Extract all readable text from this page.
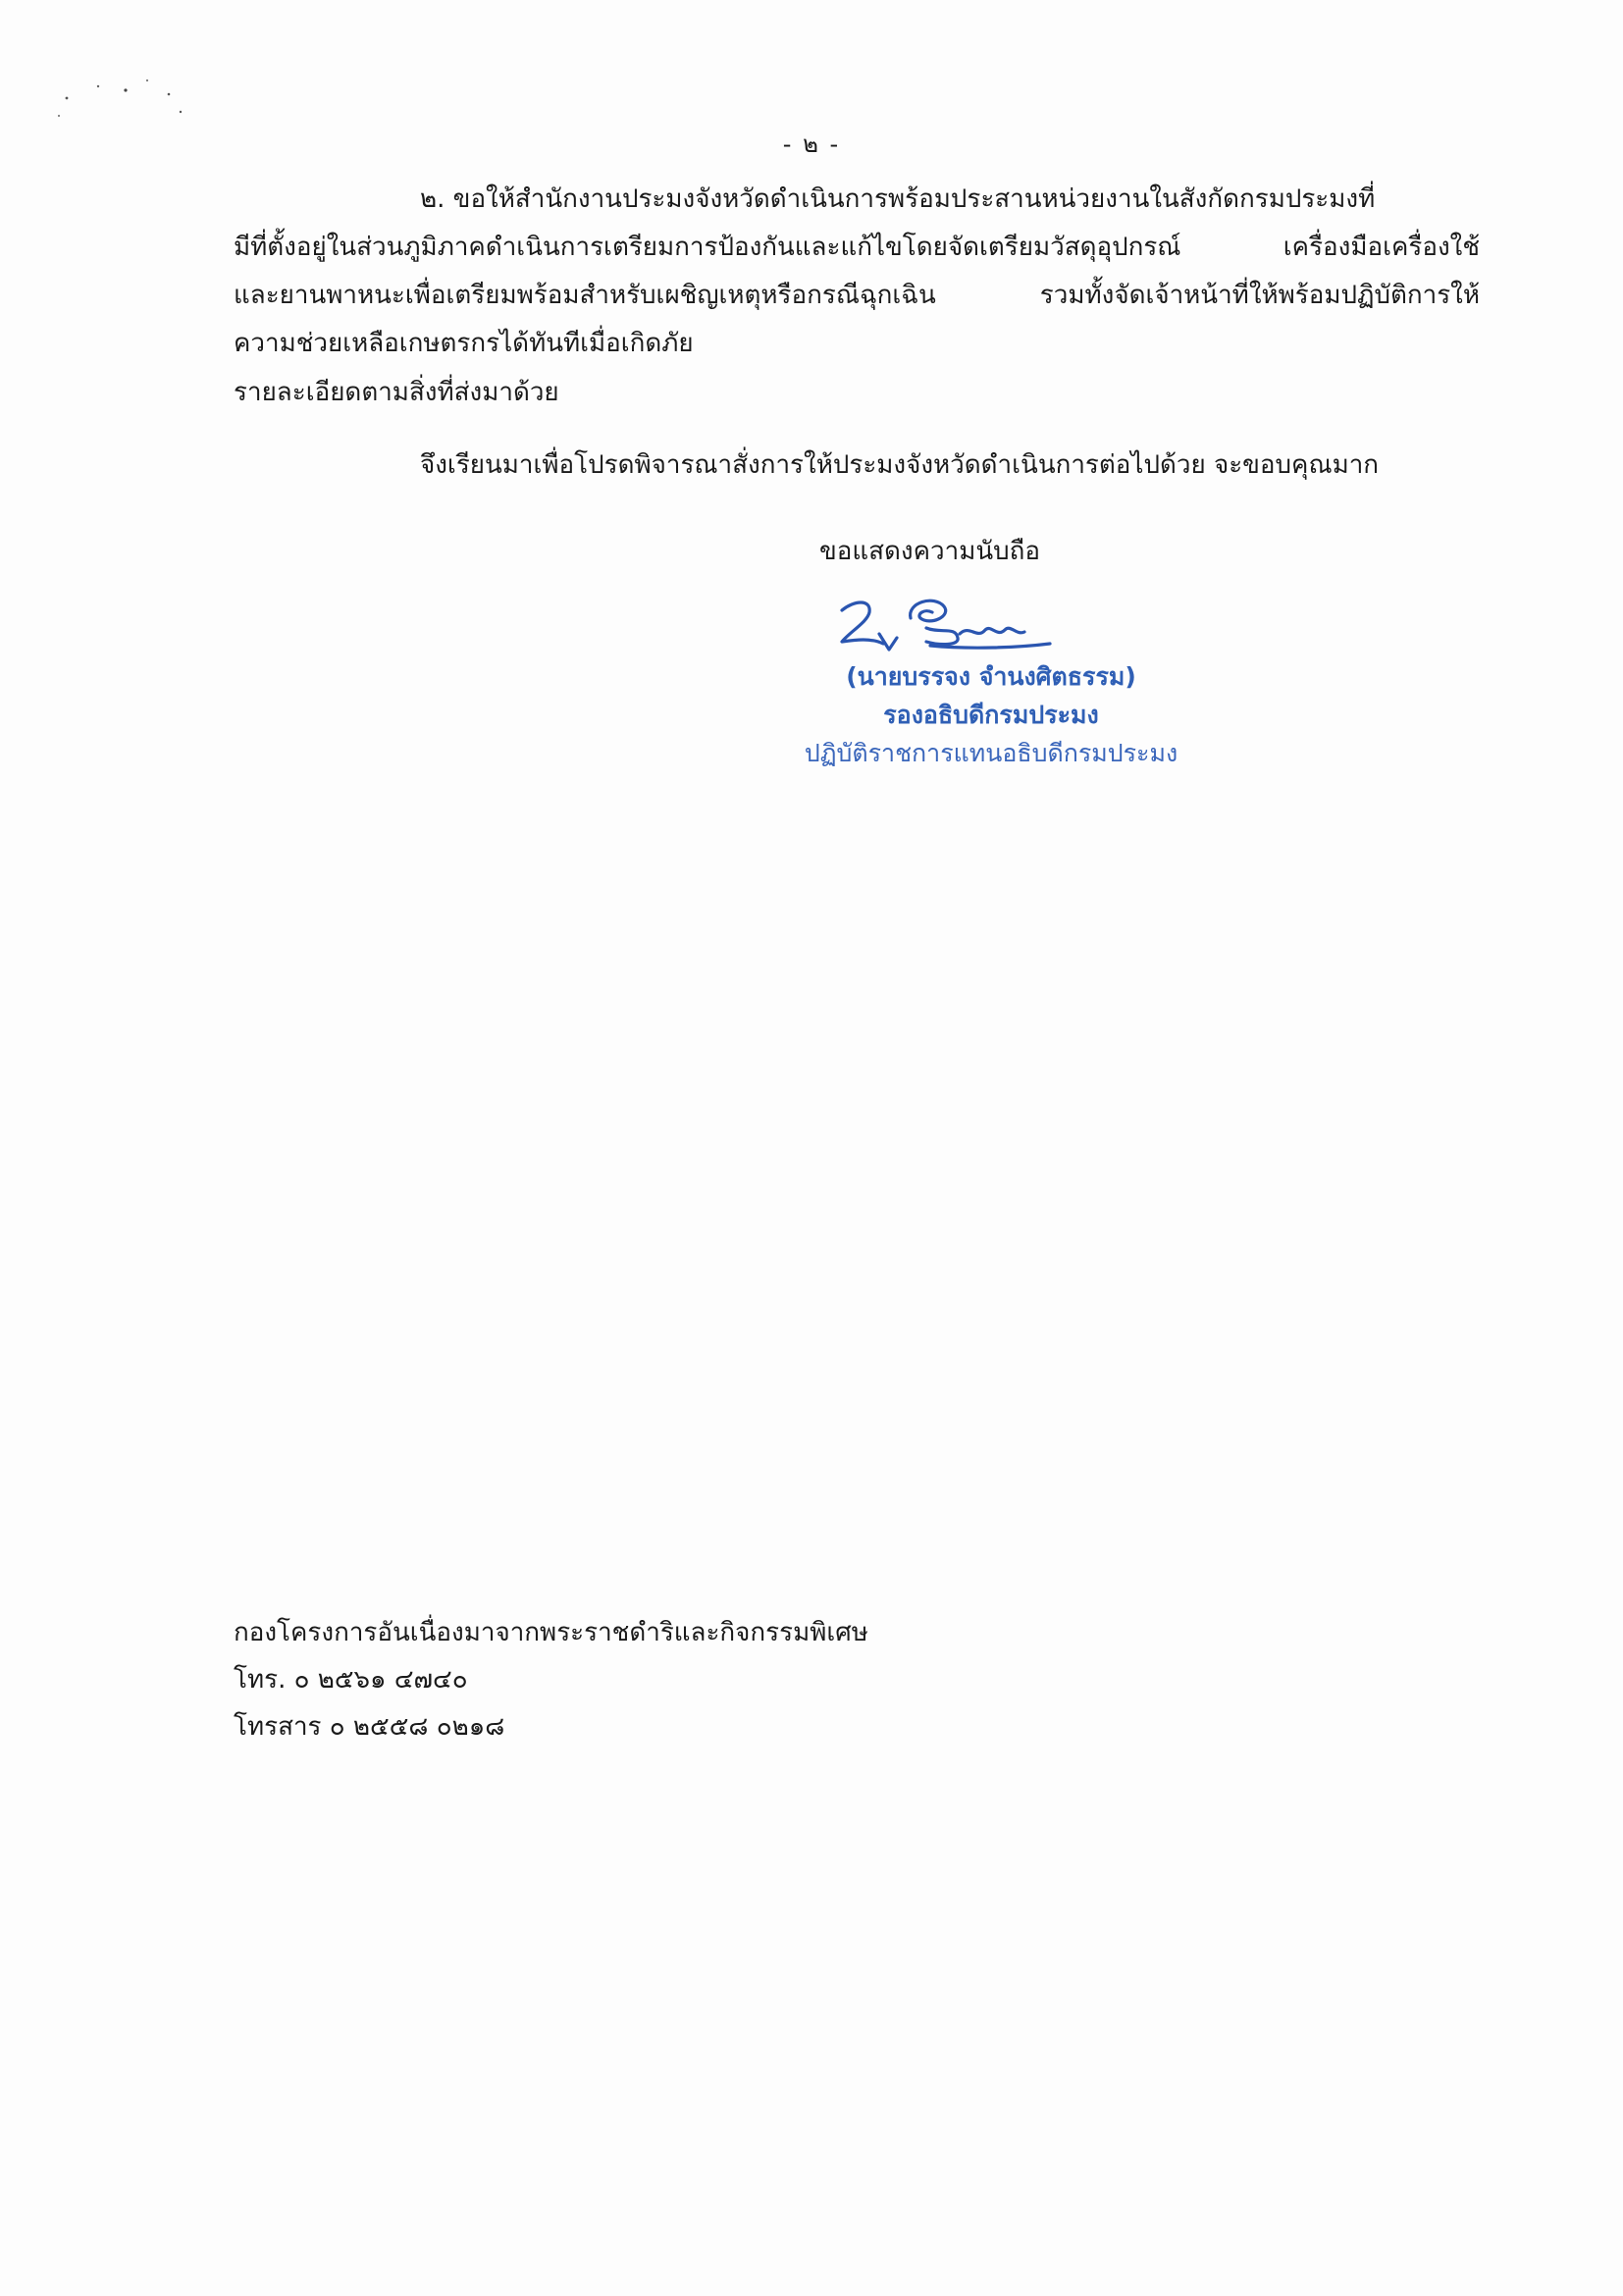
- ๒ -
๒. ขอให้สำนักงานประมงจังหวัดดำเนินการพร้อมประสานหน่วยงานในสังกัดกรมประมงที่
มีที่ตั้งอยู่ในส่วนภูมิภาคดำเนินการเตรียมการป้องกันและแก้ไขโดยจัดเตรียมวัสดุอุปกรณ์ เครื่องมือเครื่องใช้
และยานพาหนะเพื่อเตรียมพร้อมสำหรับเผชิญเหตุหรือกรณีฉุกเฉิน รวมทั้งจัดเจ้าหน้าที่ให้พร้อมปฏิบัติการให้
ความช่วยเหลือเกษตรกรได้ทันทีเมื่อเกิดภัย
รายละเอียดตามสิ่งที่ส่งมาด้วย
จึงเรียนมาเพื่อโปรดพิจารณาสั่งการให้ประมงจังหวัดดำเนินการต่อไปด้วย จะขอบคุณมาก
ขอแสดงความนับถือ
(นายบรรจง จำนงศิตธรรม)
รองอธิบดีกรมประมง
ปฏิบัติราชการแทนอธิบดีกรมประมง
กองโครงการอันเนื่องมาจากพระราชดำริและกิจกรรมพิเศษ
โทร. ๐ ๒๕๖๑ ๔๗๔๐
โทรสาร ๐ ๒๕๕๘ ๐๒๑๘
